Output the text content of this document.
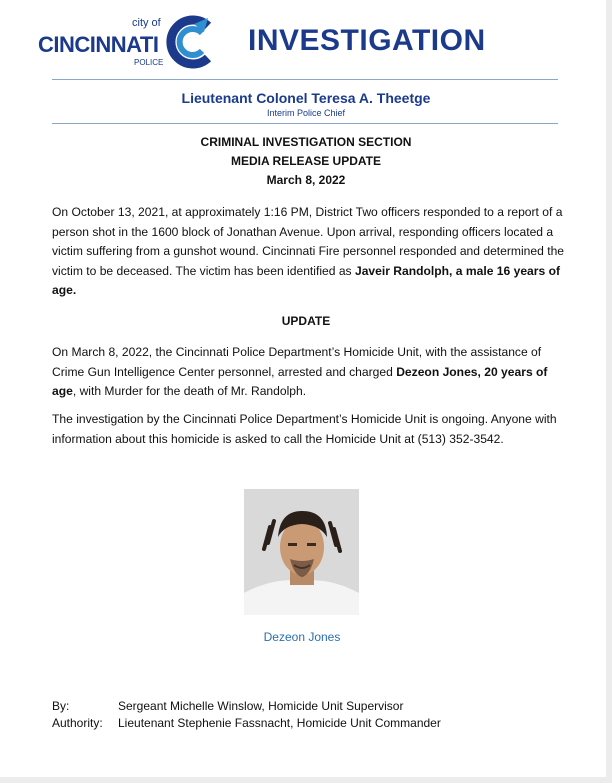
city of
CINCINNATI
POLICE
INVESTIGATION
Lieutenant Colonel Teresa A. Theetge
Interim Police Chief
CRIMINAL INVESTIGATION SECTION
MEDIA RELEASE UPDATE
March 8, 2022

On October 13, 2021, at approximately 1:16 PM, District Two officers responded to a report of a person shot in the 1600 block of Jonathan Avenue. Upon arrival, responding officers located a victim suffering from a gunshot wound. Cincinnati Fire personnel responded and determined the victim to be deceased. The victim has been identified as Javeir Randolph, a male 16 years of age.

UPDATE

On March 8, 2022, the Cincinnati Police Department’s Homicide Unit, with the assistance of Crime Gun Intelligence Center personnel, arrested and charged Dezeon Jones, 20 years of age, with Murder for the death of Mr. Randolph.

The investigation by the Cincinnati Police Department’s Homicide Unit is ongoing. Anyone with information about this homicide is asked to call the Homicide Unit at (513) 352-3542.

Dezeon Jones
By:	Sergeant Michelle Winslow, Homicide Unit Supervisor
Authority: Lieutenant Stephenie Fassnacht, Homicide Unit Commander
